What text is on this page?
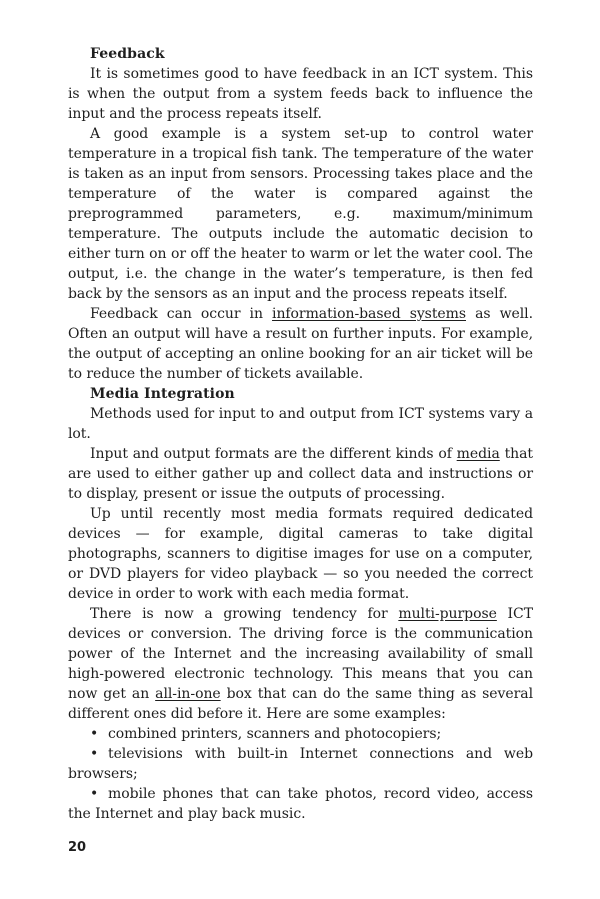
Feedback

It is sometimes good to have feedback in an ICT system. This is when the output from a system feeds back to influence the input and the process repeats itself.

A good example is a system set-up to control water temperature in a tropical fish tank. The temperature of the water is taken as an input from sensors. Processing takes place and the temperature of the water is compared against the preprogrammed parameters, e.g. maximum/minimum temperature. The outputs include the automatic decision to either turn on or off the heater to warm or let the water cool. The output, i.e. the change in the water’s temperature, is then fed back by the sensors as an input and the process repeats itself.

Feedback can occur in information-based systems as well. Often an output will have a result on further inputs. For example, the output of accepting an online booking for an air ticket will be to reduce the number of tickets available.

Media Integration

Methods used for input to and output from ICT systems vary a lot.

Input and output formats are the different kinds of media that are used to either gather up and collect data and instructions or to display, present or issue the outputs of processing.

Up until recently most media formats required dedicated devices — for example, digital cameras to take digital photographs, scanners to digitise images for use on a computer, or DVD players for video playback — so you needed the correct device in order to work with each media format.

There is now a growing tendency for multi-purpose ICT devices or conversion. The driving force is the communication power of the Internet and the increasing availability of small high-powered electronic technology. This means that you can now get an all-in-one box that can do the same thing as several different ones did before it. Here are some examples:

• combined printers, scanners and photocopiers;

• televisions with built-in Internet connections and web browsers;

• mobile phones that can take photos, record video, access the Internet and play back music.

20
